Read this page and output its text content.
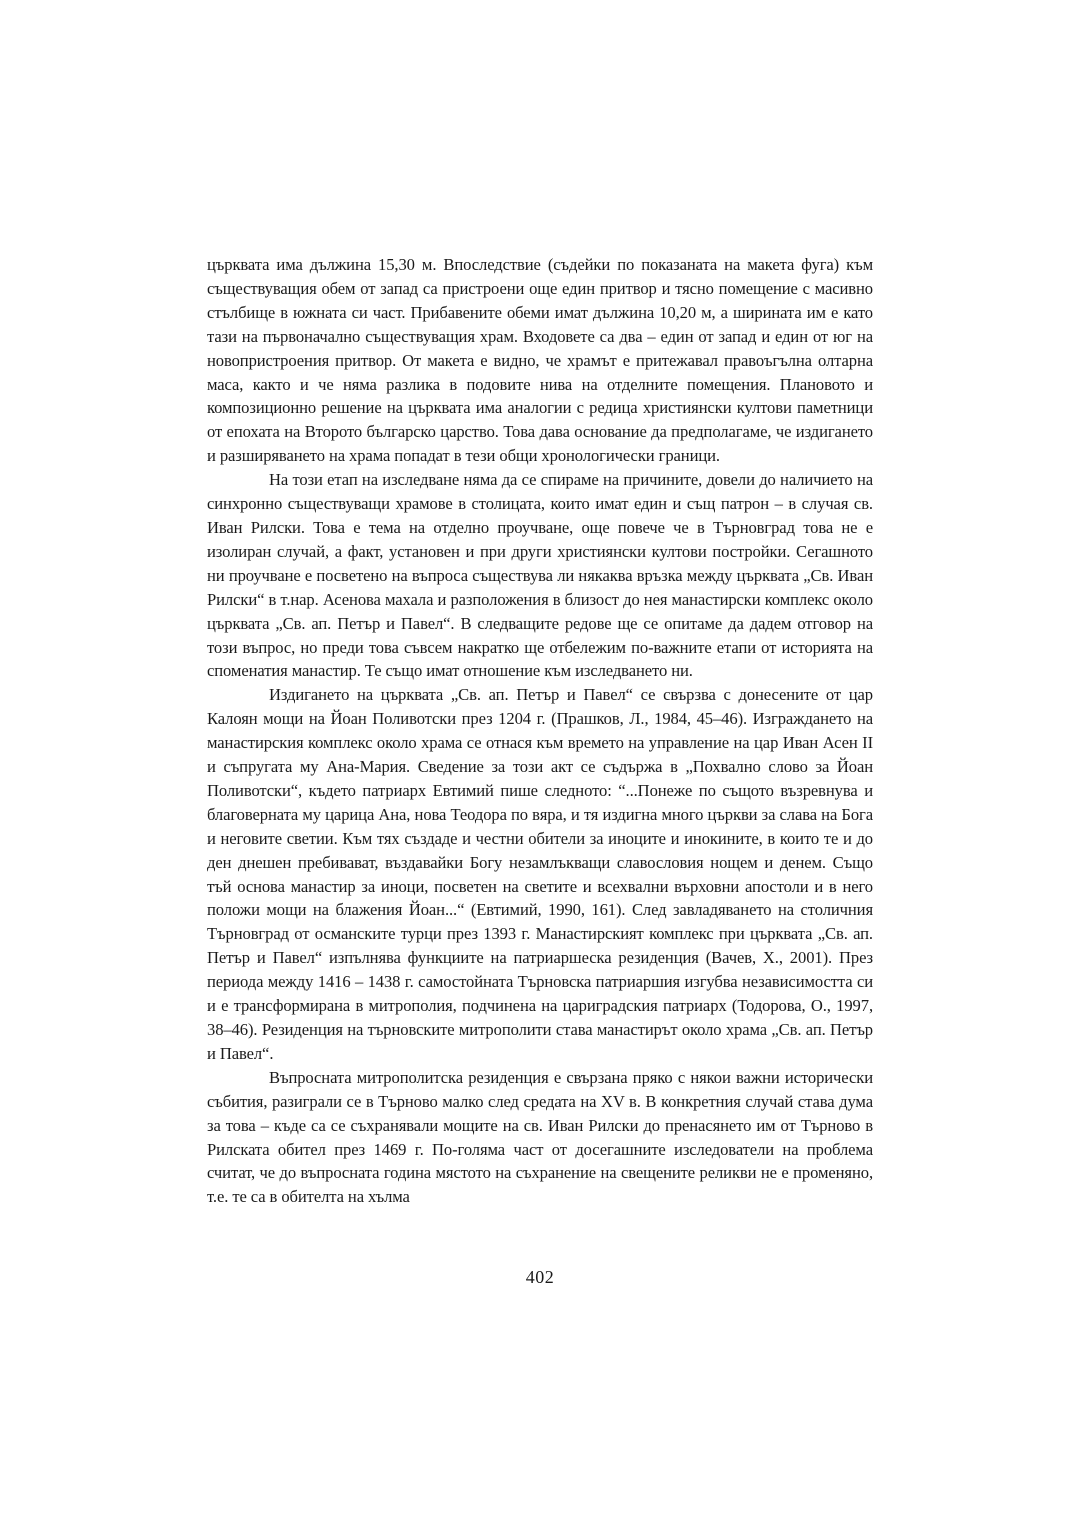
църквата има дължина 15,30 м. Впоследствие (съдейки по показаната на макета фуга) към съществуващия обем от запад са пристроени още един притвор и тясно помещение с масивно стълбище в южната си част. Прибавените обеми имат дължина 10,20 м, а ширината им е като тази на първоначално съществуващия храм. Входовете са два – един от запад и един от юг на новопристроения притвор. От макета е видно, че храмът е притежавал правоъгълна олтарна маса, както и че няма разлика в подовите нива на отделните помещения. Плановото и композиционно решение на църквата има аналогии с редица християнски култови паметници от епохата на Второто българско царство. Това дава основание да предполагаме, че издигането и разширяването на храма попадат в тези общи хронологически граници.

На този етап на изследване няма да се спираме на причините, довели до наличието на синхронно съществуващи храмове в столицата, които имат един и същ патрон – в случая св. Иван Рилски. Това е тема на отделно проучване, още повече че в Търновград това не е изолиран случай, а факт, установен и при други християнски култови постройки. Сегашното ни проучване е посветено на въпроса съществува ли някаква връзка между църквата „Св. Иван Рилски“ в т.нар. Асенова махала и разположения в близост до нея манастирски комплекс около църквата „Св. ап. Петър и Павел“. В следващите редове ще се опитаме да дадем отговор на този въпрос, но преди това съвсем накратко ще отбележим по-важните етапи от историята на споменатия манастир. Те също имат отношение към изследването ни.

Издигането на църквата „Св. ап. Петър и Павел“ се свързва с донесените от цар Калоян мощи на Йоан Поливотски през 1204 г. (Прашков, Л., 1984, 45–46). Изграждането на манастирския комплекс около храма се отнася към времето на управление на цар Иван Асен II и съпругата му Ана-Мария. Сведение за този акт се съдържа в „Похвално слово за Йоан Поливотски“, където патриарх Евтимий пише следното: “...Понеже по същото възревнува и благоверната му царица Ана, нова Теодора по вяра, и тя издигна много църкви за слава на Бога и неговите светии. Към тях създаде и честни обители за иноците и инокините, в които те и до ден днешен пребивават, въздавайки Богу незамлъкващи славословия нощем и денем. Също тъй основа манастир за иноци, посветен на светите и всехвални върховни апостоли и в него положи мощи на блажения Йоан...“ (Евтимий, 1990, 161). След завладяването на столичния Търновград от османските турци през 1393 г. Манастирският комплекс при църквата „Св. ап. Петър и Павел“ изпълнява функциите на патриаршеска резиденция (Вачев, Х., 2001). През периода между 1416 – 1438 г. самостойната Търновска патриаршия изгубва независимостта си и е трансформирана в митрополия, подчинена на цариградския патриарх (Тодорова, О., 1997, 38–46). Резиденция на търновските митрополити става манастирът около храма „Св. ап. Петър и Павел“.

Въпросната митрополитска резиденция е свързана пряко с някои важни исторически събития, разиграли се в Търново малко след средата на XV в. В конкретния случай става дума за това – къде са се съхранявали мощите на св. Иван Рилски до пренасянето им от Търново в Рилската обител през 1469 г. По-голяма част от досегашните изследователи на проблема считат, че до въпросната година мястото на съхранение на свещените реликви не е променяно, т.е. те са в обителта на хълма

402
